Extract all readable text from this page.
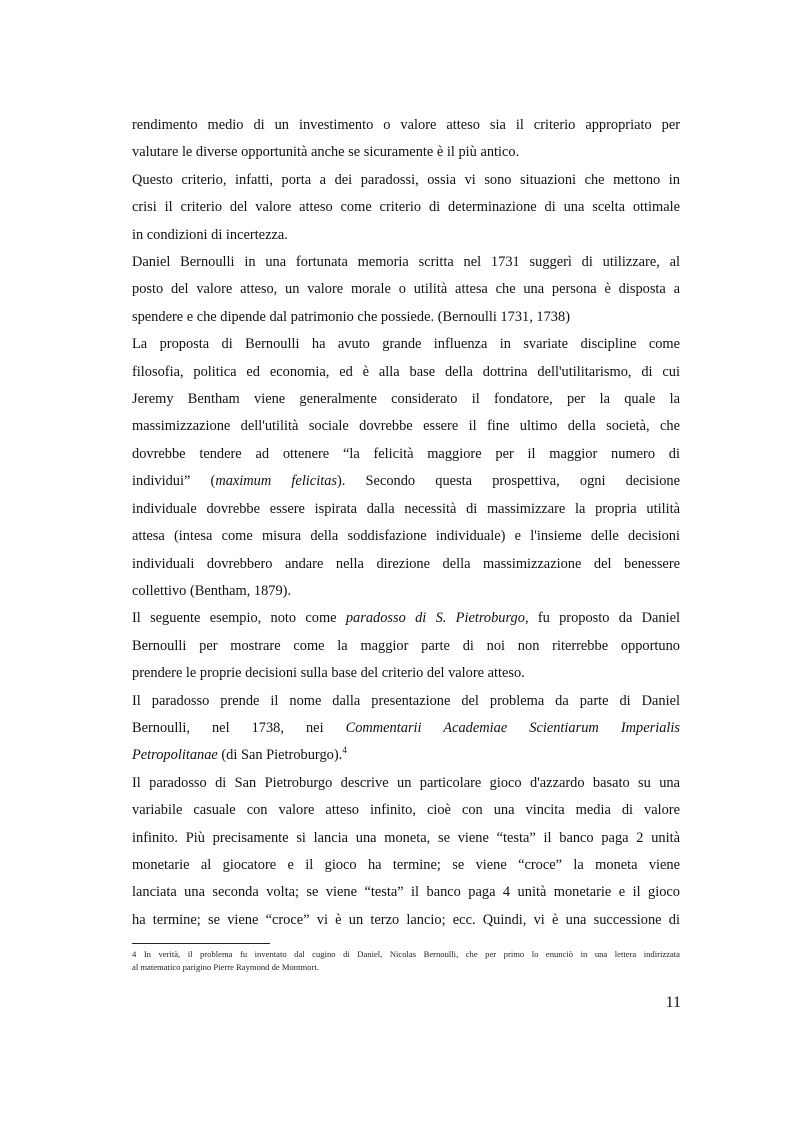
rendimento medio di un investimento o valore atteso sia il criterio appropriato per
valutare le diverse opportunità anche se sicuramente è il più antico.
Questo criterio, infatti, porta a dei paradossi, ossia vi sono situazioni che mettono in
crisi il criterio del valore atteso come criterio di determinazione di una scelta ottimale
in condizioni di incertezza.
Daniel Bernoulli in una fortunata memoria scritta nel 1731 suggerì di utilizzare, al
posto del valore atteso, un valore morale o utilità attesa che una persona è disposta a
spendere e che dipende dal patrimonio che possiede. (Bernoulli 1731, 1738)
La proposta di Bernoulli ha avuto grande influenza in svariate discipline come
filosofia, politica ed economia, ed è alla base della dottrina dell'utilitarismo, di cui
Jeremy Bentham viene generalmente considerato il fondatore, per la quale la
massimizzazione dell'utilità sociale dovrebbe essere il fine ultimo della società, che
dovrebbe tendere ad ottenere “la felicità maggiore per il maggior numero di
individui” (maximum felicitas). Secondo questa prospettiva, ogni decisione
individuale dovrebbe essere ispirata dalla necessità di massimizzare la propria utilità
attesa (intesa come misura della soddisfazione individuale) e l'insieme delle decisioni
individuali dovrebbero andare nella direzione della massimizzazione del benessere
collettivo (Bentham, 1879).
Il seguente esempio, noto come paradosso di S. Pietroburgo, fu proposto da Daniel
Bernoulli per mostrare come la maggior parte di noi non riterrebbe opportuno
prendere le proprie decisioni sulla base del criterio del valore atteso.
Il paradosso prende il nome dalla presentazione del problema da parte di Daniel
Bernoulli, nel 1738, nei Commentarii Academiae Scientiarum Imperialis
Petropolitanae (di San Pietroburgo).$^4$
Il paradosso di San Pietroburgo descrive un particolare gioco d'azzardo basato su una
variabile casuale con valore atteso infinito, cioè con una vincita media di valore
infinito. Più precisamente si lancia una moneta, se viene “testa” il banco paga 2 unità
monetarie al giocatore e il gioco ha termine; se viene “croce” la moneta viene
lanciata una seconda volta; se viene “testa” il banco paga 4 unità monetarie e il gioco
ha termine; se viene “croce” vi è un terzo lancio; ecc. Quindi, vi è una successione di
4 In verità, il problema fu inventato dal cugino di Daniel, Nicolas Bernoulli, che per primo lo enunciò in una lettera indirizzata
al matematico parigino Pierre Raymond de Montmort.
11
